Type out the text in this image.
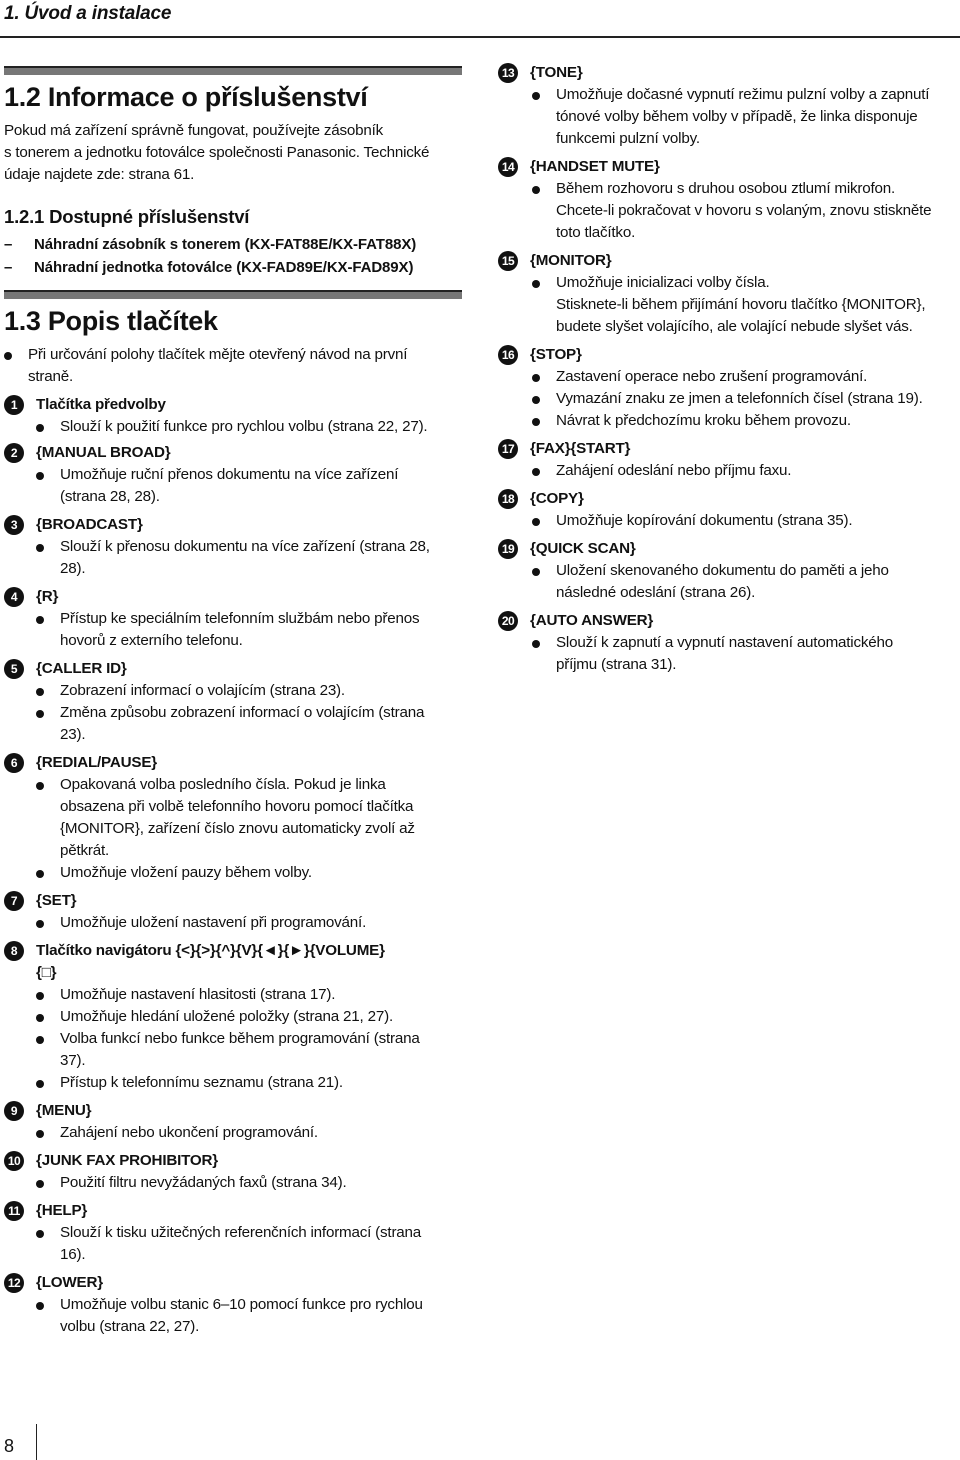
1. Úvod a instalace
1.2 Informace o příslušenství
Pokud má zařízení správně fungovat, používejte zásobník
s tonerem a jednotku fotoválce společnosti Panasonic. Technické
údaje najdete zde: strana 61.
1.2.1 Dostupné příslušenství
– Náhradní zásobník s tonerem (KX-FAT88E/KX-FAT88X)
– Náhradní jednotka fotoválce (KX-FAD89E/KX-FAD89X)
1.3 Popis tlačítek
Při určování polohy tlačítek mějte otevřený návod na první
straně.
1	Tlačítka předvolby
Slouží k použití funkce pro rychlou volbu (strana 22, 27).
2	{MANUAL BROAD}
Umožňuje ruční přenos dokumentu na více zařízení
(strana 28, 28).
3	{BROADCAST}
Slouží k přenosu dokumentu na více zařízení (strana 28,
28).
4	{R}
Přístup ke speciálním telefonním službám nebo přenos
hovorů z externího telefonu.
5	{CALLER ID}
Zobrazení informací o volajícím (strana 23).
Změna způsobu zobrazení informací o volajícím (strana
23).
6	{REDIAL/PAUSE}
Opakovaná volba posledního čísla. Pokud je linka
obsazena při volbě telefonního hovoru pomocí tlačítka
{MONITOR}, zařízení číslo znovu automaticky zvolí až
pětkrát.
Umožňuje vložení pauzy během volby.
7	{SET}
Umožňuje uložení nastavení při programování.
8	Tlačítko navigátoru {<}{>}{^}{V}{◄}{►}{VOLUME}
{□}
Umožňuje nastavení hlasitosti (strana 17).
Umožňuje hledání uložené položky (strana 21, 27).
Volba funkcí nebo funkce během programování (strana
37).
Přístup k telefonnímu seznamu (strana 21).
9	{MENU}
Zahájení nebo ukončení programování.
10 {JUNK FAX PROHIBITOR}
Použití filtru nevyžádaných faxů (strana 34).
11 {HELP}
Slouží k tisku užitečných referenčních informací (strana
16).
12 {LOWER}
Umožňuje volbu stanic 6–10 pomocí funkce pro rychlou
volbu (strana 22, 27).
13 {TONE}
Umožňuje dočasné vypnutí režimu pulzní volby a zapnutí
tónové volby během volby v případě, že linka disponuje
funkcemi pulzní volby.
14 {HANDSET MUTE}
Během rozhovoru s druhou osobou ztlumí mikrofon.
Chcete-li pokračovat v hovoru s volaným, znovu stiskněte
toto tlačítko.
15 {MONITOR}
Umožňuje inicializaci volby čísla.
Stisknete-li během přijímání hovoru tlačítko {MONITOR},
budete slyšet volajícího, ale volající nebude slyšet vás.
16 {STOP}
Zastavení operace nebo zrušení programování.
Vymazání znaku ze jmen a telefonních čísel (strana 19).
Návrat k předchozímu kroku během provozu.
17 {FAX}{START}
Zahájení odeslání nebo příjmu faxu.
18 {COPY}
Umožňuje kopírování dokumentu (strana 35).
19 {QUICK SCAN}
Uložení skenovaného dokumentu do paměti a jeho
následné odeslání (strana 26).
20 {AUTO ANSWER}
Slouží k zapnutí a vypnutí nastavení automatického
příjmu (strana 31).
8
